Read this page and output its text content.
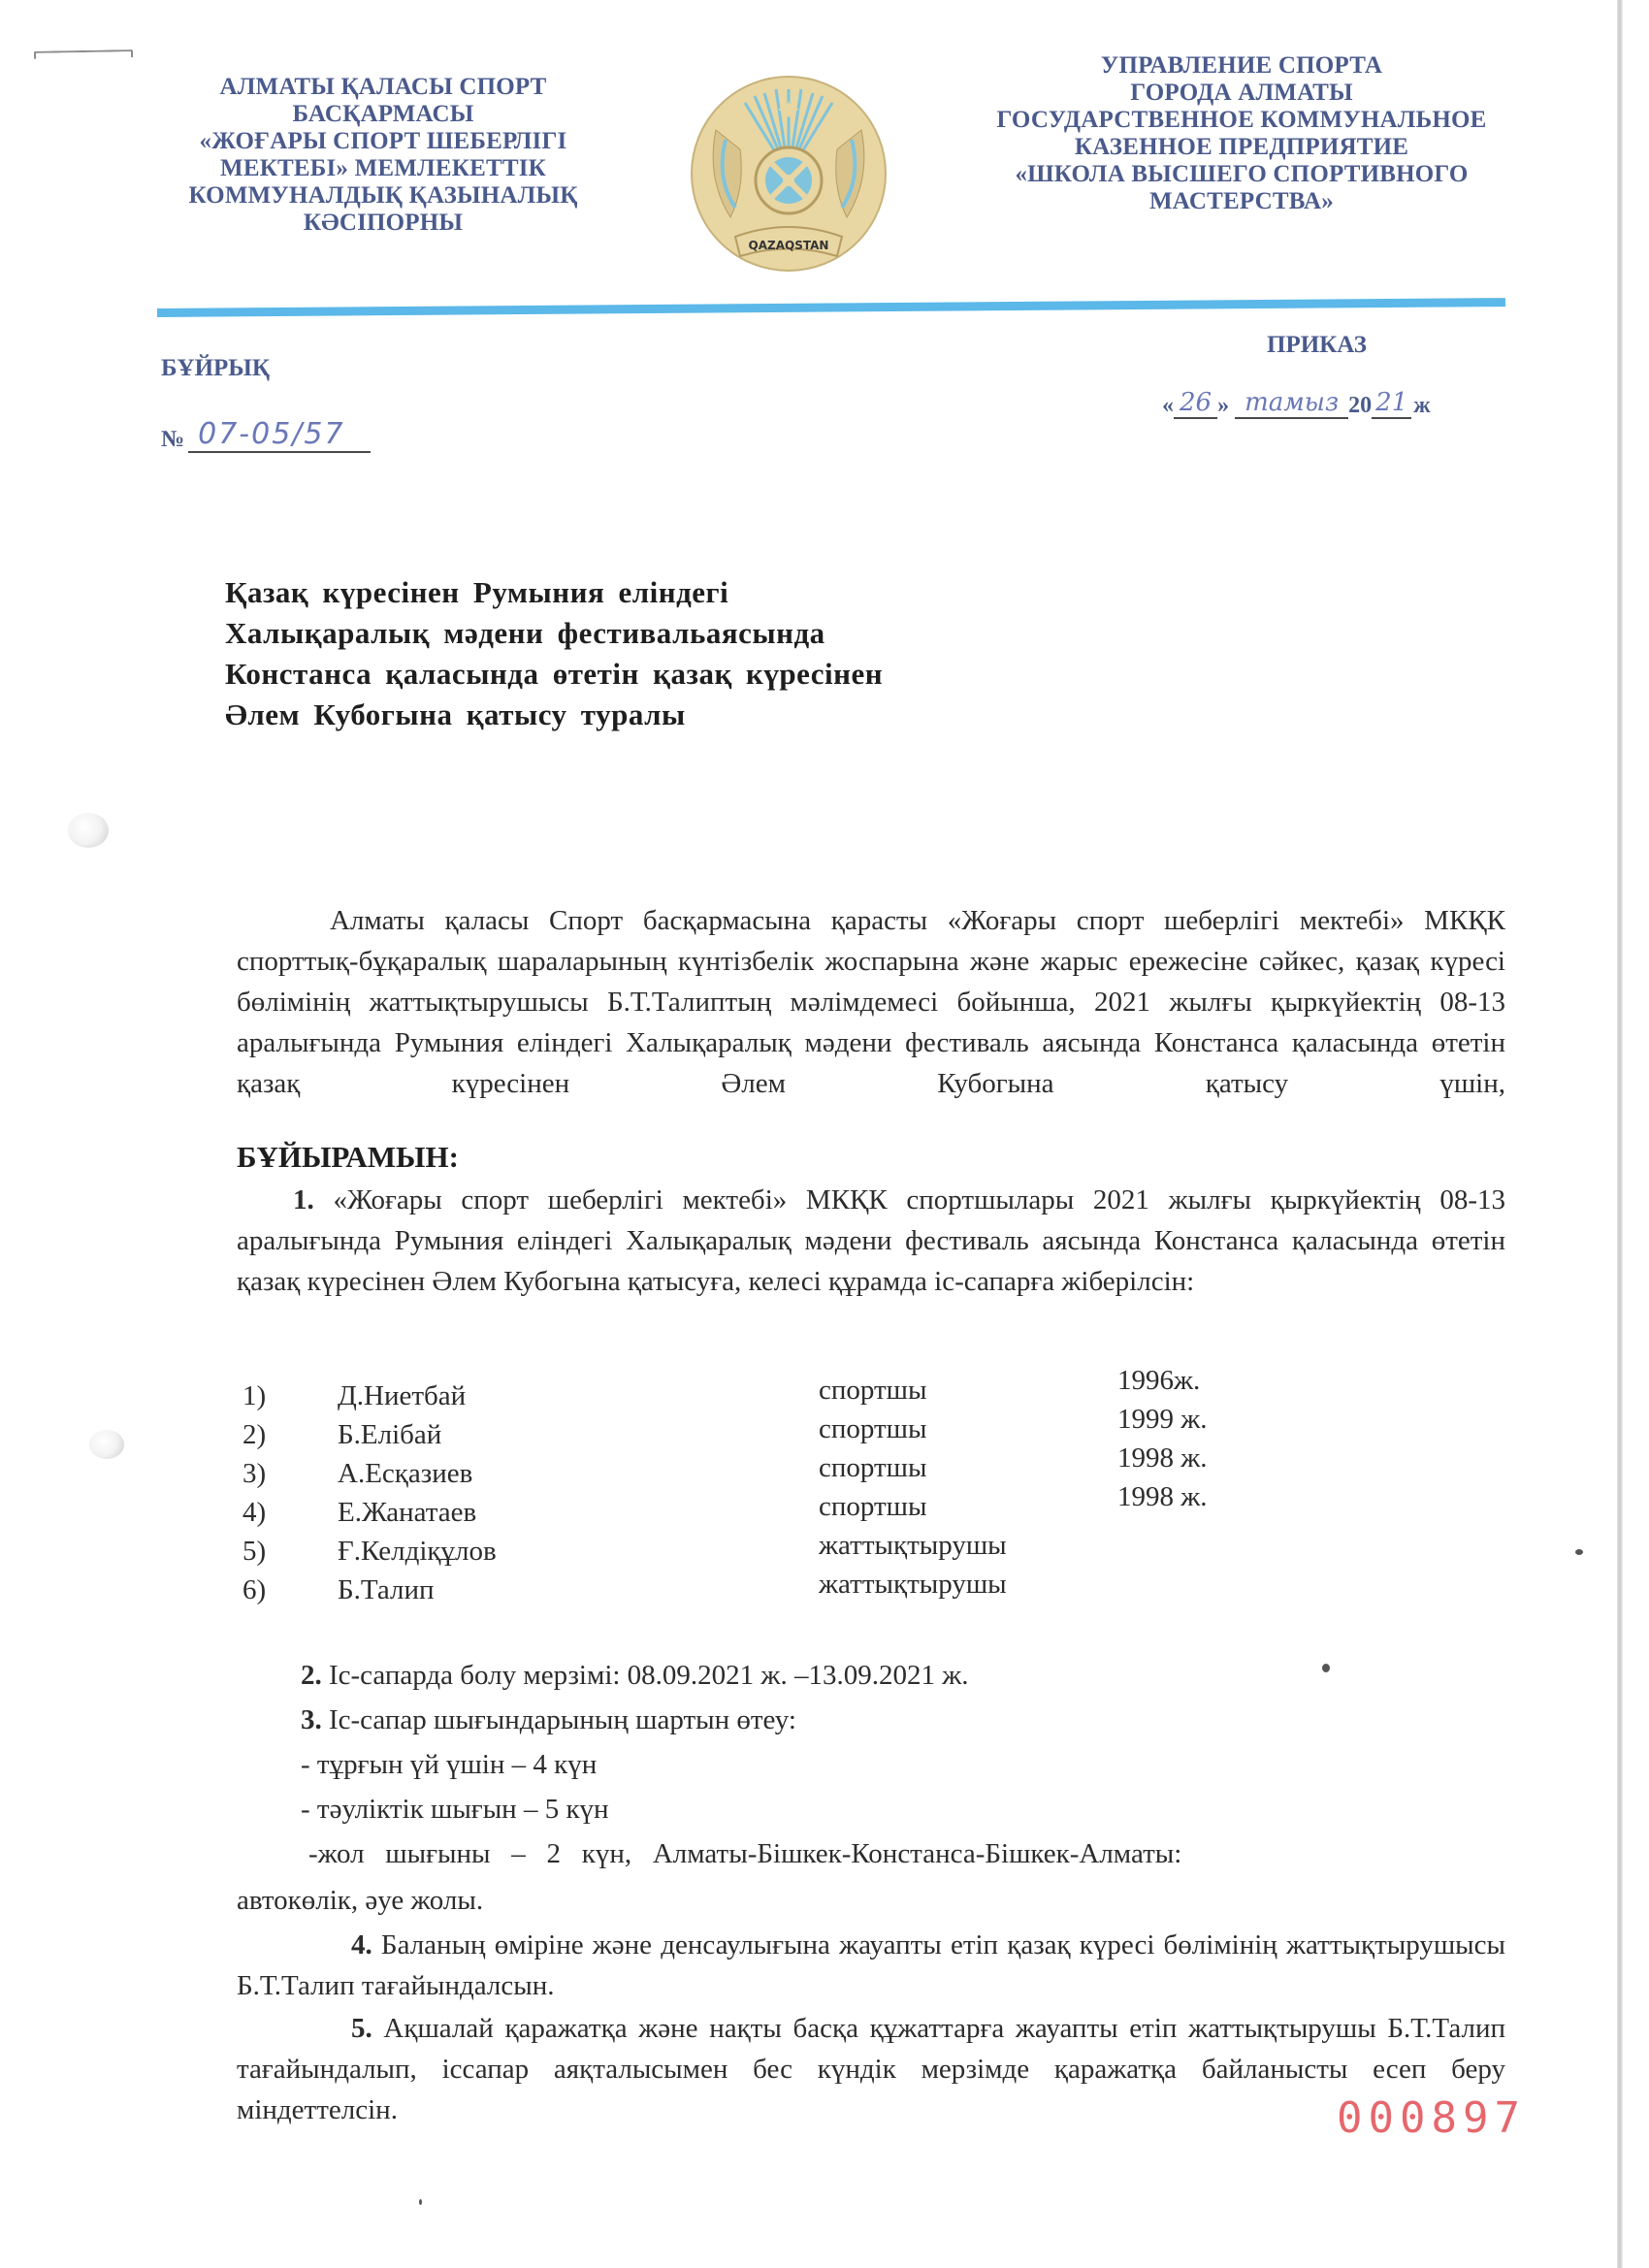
АЛМАТЫ ҚАЛАСЫ СПОРТ
БАСҚАРМАСЫ
«ЖОҒАРЫ СПОРТ ШЕБЕРЛІГІ
МЕКТЕБІ» МЕМЛЕКЕТТІК
КОММУНАЛДЫҚ ҚАЗЫНАЛЫҚ
КӘСІПОРНЫ
QAZAQSTAN
УПРАВЛЕНИЕ СПОРТА
ГОРОДА АЛМАТЫ
ГОСУДАРСТВЕННОЕ КОММУНАЛЬНОЕ
КАЗЕННОЕ ПРЕДПРИЯТИЕ
«ШКОЛА ВЫСШЕГО СПОРТИВНОГО
МАСТЕРСТВА»
БҰЙРЫҚ
ПРИКАЗ
№ 07-05/57
« 26 » тамыз 20 21 ж
Қазақ күресінен Румыния еліндегі
Халықаралық мәдени фестивальаясында
Констанса қаласында өтетін қазақ күресінен
Әлем Кубогына қатысу туралы

Алматы қаласы Спорт басқармасына қарасты «Жоғары спорт шеберлігі мектебі» МКҚК спорттық-бұқаралық шараларының күнтізбелік жоспарына және жарыс ережесіне сәйкес, қазақ күресі бөлімінің жаттықтырушысы Б.Т.Талиптың мәлімдемесі бойынша, 2021 жылғы қыркүйектің 08-13 аралығында Румыния еліндегі Халықаралық мәдени фестиваль аясында Констанса қаласында өтетін қазақ күресінен Әлем Кубогына қатысу үшін,

БҰЙЫРАМЫН:

1. «Жоғары спорт шеберлігі мектебі» МКҚК спортшылары 2021 жылғы қыркүйектің 08-13 аралығында Румыния еліндегі Халықаралық мәдени фестиваль аясында Констанса қаласында өтетін қазақ күресінен Әлем Кубогына қатысуға, келесі құрамда іс-сапарға жіберілсін:

1)	Д.Ниетбай	спортшы	1996ж.
2)	Б.Елібай	спортшы	1999 ж.
3)	А.Есқазиев	спортшы	1998 ж.
4)	Е.Жанатаев	спортшы	1998 ж.
5)	Ғ.Келдіқұлов	жаттықтырушы
6)	Б.Талип	жаттықтырушы
2. Іс-сапарда болу мерзімі: 08.09.2021 ж. –13.09.2021 ж.
3. Іс-сапар шығындарының шартын өтеу:
- тұрғын үй үшін – 4 күн
- тәуліктік шығын – 5 күн
-жол   шығыны   –   2   күн,   Алматы-Бішкек-Констанса-Бішкек-Алматы:
автокөлік, әуе жолы.

4. Баланың өміріне және денсаулығына жауапты етіп қазақ күресі бөлімінің жаттықтырушысы Б.Т.Талип тағайындалсын.

5. Ақшалай қаражатқа және нақты басқа құжаттарға жауапты етіп жаттықтырушы Б.Т.Талип тағайындалып, іссапар аяқталысымен бес күндік мерзімде қаражатқа байланысты есеп беру міндеттелсін.	000897
